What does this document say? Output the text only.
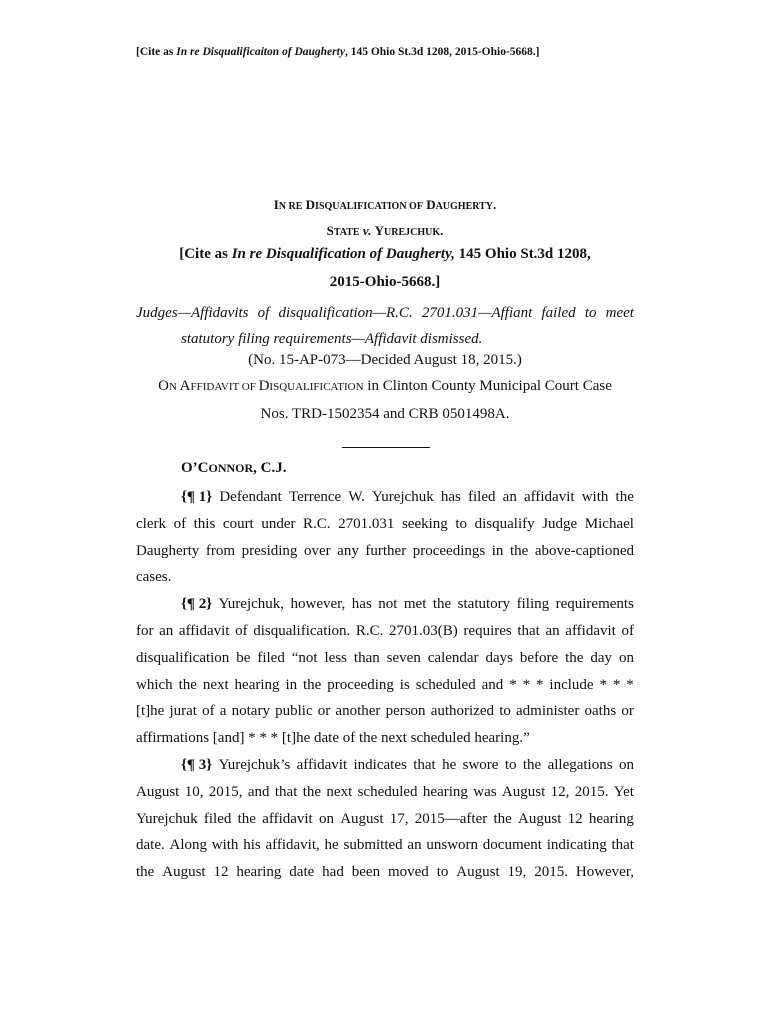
[Cite as In re Disqualificaiton of Daugherty, 145 Ohio St.3d 1208, 2015-Ohio-5668.]
IN RE DISQUALIFICATION OF DAUGHERTY.
STATE v. YUREJCHUK.
[Cite as In re Disqualification of Daugherty, 145 Ohio St.3d 1208,
2015-Ohio-5668.]
Judges—Affidavits of disqualification—R.C. 2701.031—Affiant failed to meet
statutory filing requirements—Affidavit dismissed.
(No. 15-AP-073—Decided August 18, 2015.)
ON AFFIDAVIT OF DISQUALIFICATION in Clinton County Municipal Court Case
Nos. TRD-1502354 and CRB 0501498A.
O’CONNOR, C.J.
{¶ 1} Defendant Terrence W. Yurejchuk has filed an affidavit with the
clerk of this court under R.C. 2701.031 seeking to disqualify Judge Michael
Daugherty from presiding over any further proceedings in the above-captioned
cases.
{¶ 2} Yurejchuk, however, has not met the statutory filing requirements
for an affidavit of disqualification. R.C. 2701.03(B) requires that an affidavit of
disqualification be filed “not less than seven calendar days before the day on
which the next hearing in the proceeding is scheduled and * * * include * * *
[t]he jurat of a notary public or another person authorized to administer oaths or
affirmations [and] * * * [t]he date of the next scheduled hearing.”
{¶ 3} Yurejchuk’s affidavit indicates that he swore to the allegations on
August 10, 2015, and that the next scheduled hearing was August 12, 2015. Yet
Yurejchuk filed the affidavit on August 17, 2015—after the August 12 hearing
date. Along with his affidavit, he submitted an unsworn document indicating that
the August 12 hearing date had been moved to August 19, 2015. However,
